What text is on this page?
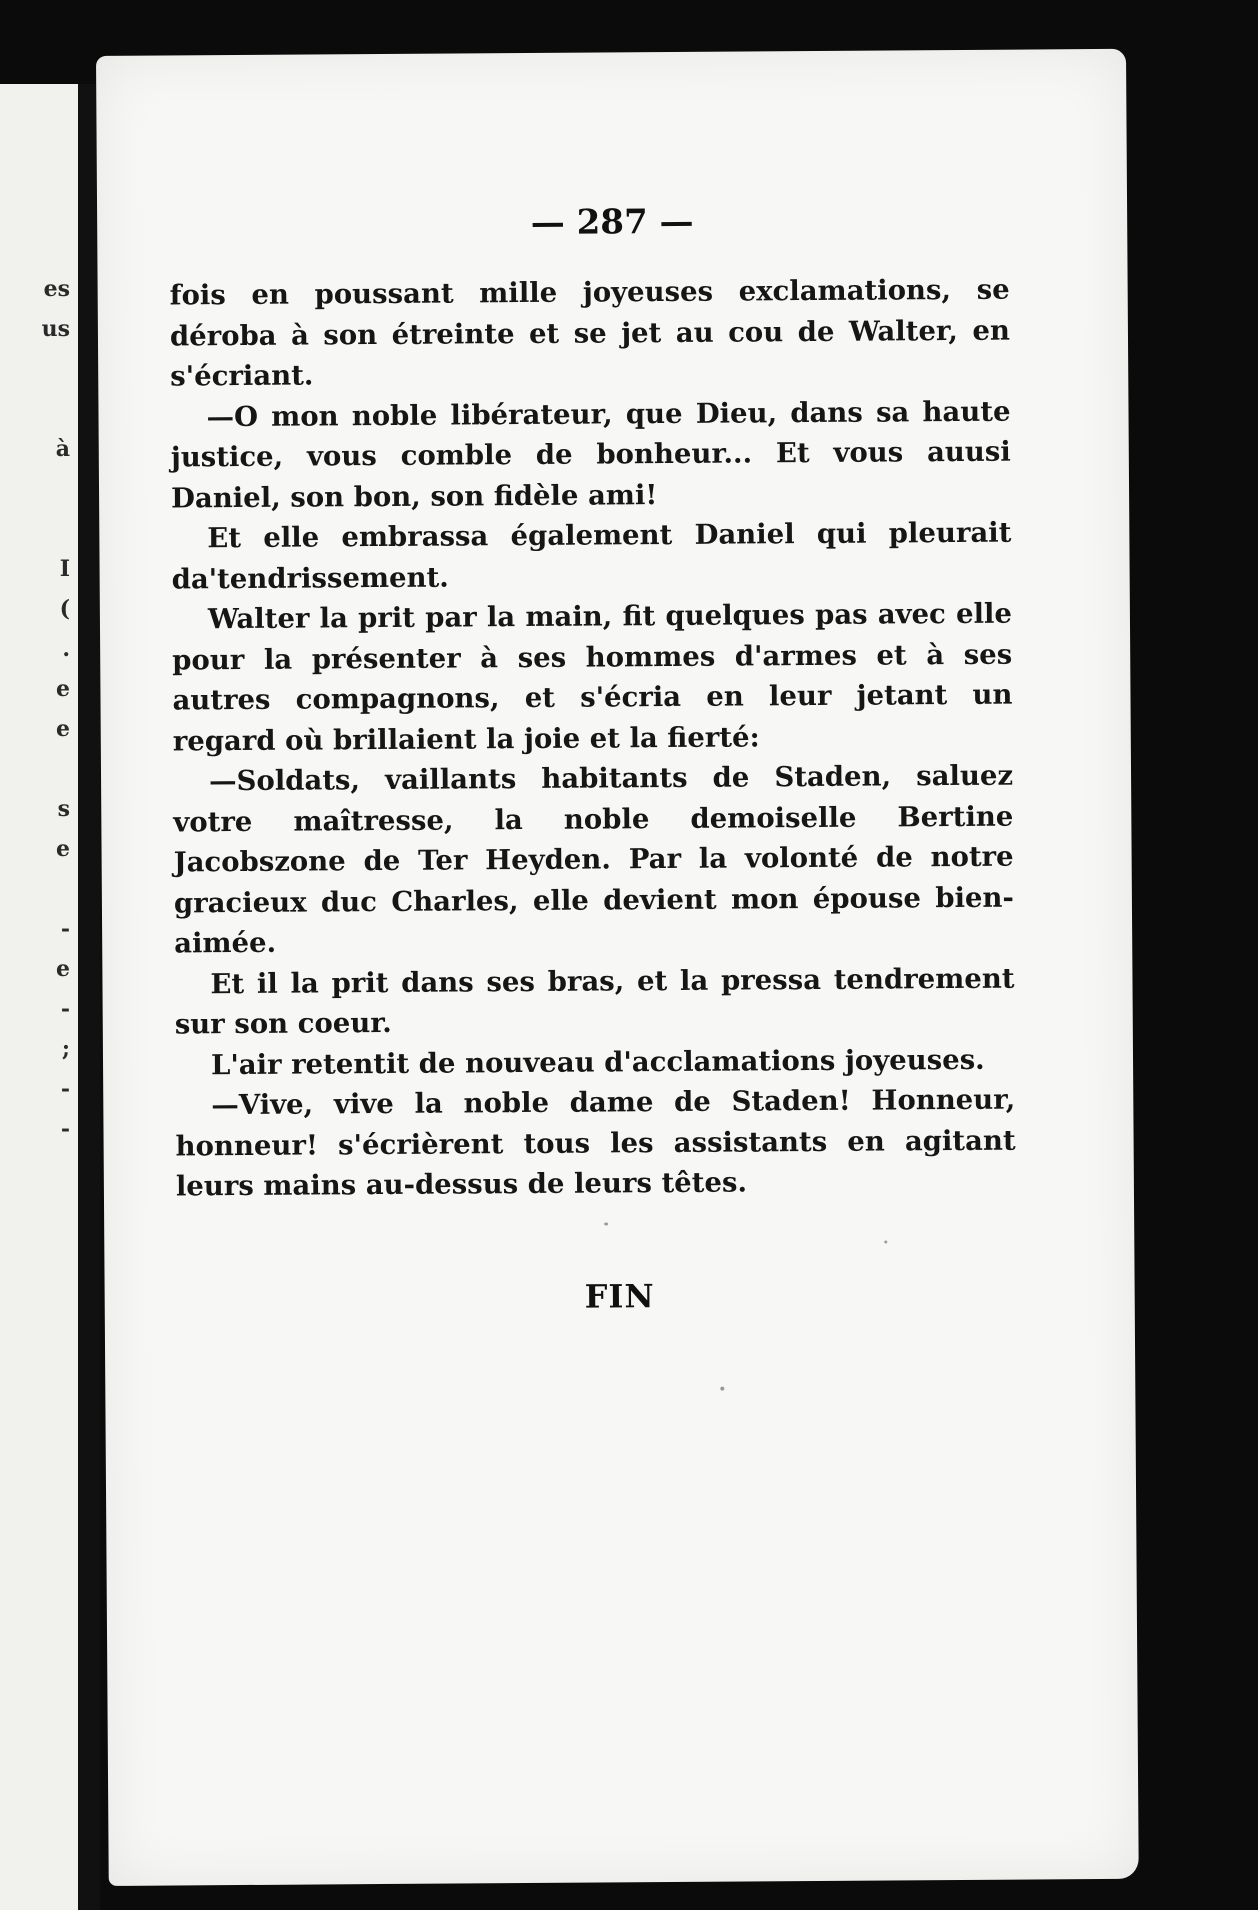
es
us
à
I
(
.
e
e
s
e
-
e
-
;
-
-
— 287 —

fois en poussant mille joyeuses exclamations, se déroba à son étreinte et se jet au cou de Walter, en s'écriant.

—O mon noble libérateur, que Dieu, dans sa haute justice, vous comble de bonheur... Et vous auusi Daniel, son bon, son fidèle ami!

Et elle embrassa également Daniel qui pleurait da'tendrissement.

Walter la prit par la main, fit quelques pas avec elle pour la présenter à ses hommes d'armes et à ses autres compagnons, et s'écria en leur jetant un regard où brillaient la joie et la fierté:

—Soldats, vaillants habitants de Staden, saluez votre maîtresse, la noble demoiselle Bertine Jacobszone de Ter Heyden. Par la volonté de notre gracieux duc Charles, elle devient mon épouse bien-aimée.

Et il la prit dans ses bras, et la pressa tendrement sur son coeur.

L'air retentit de nouveau d'acclamations joyeuses.

—Vive, vive la noble dame de Staden! Honneur, honneur! s'écrièrent tous les assistants en agitant leurs mains au-dessus de leurs têtes.

FIN
